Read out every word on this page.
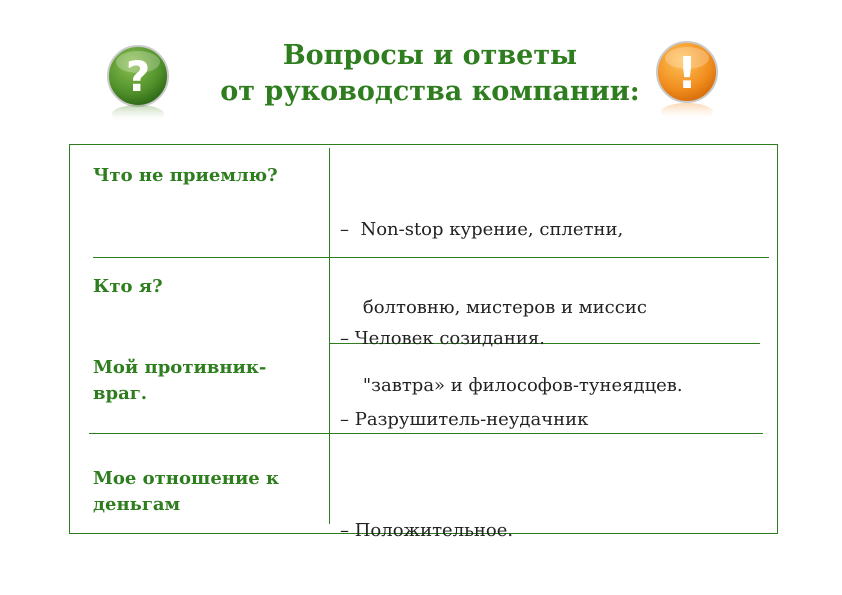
Вопросы и ответы
от руководства компании:
?	!
Что не приемлю?

–  Non-stop курение, сплетни,

болтовню, мистеров и миссис

"завтра» и философов-тунеядцев.

Кто я?

– Человек созидания.

Мой противник-
враг.

– Разрушитель-неудачник

Мое отношение к
деньгам

– Положительное.
